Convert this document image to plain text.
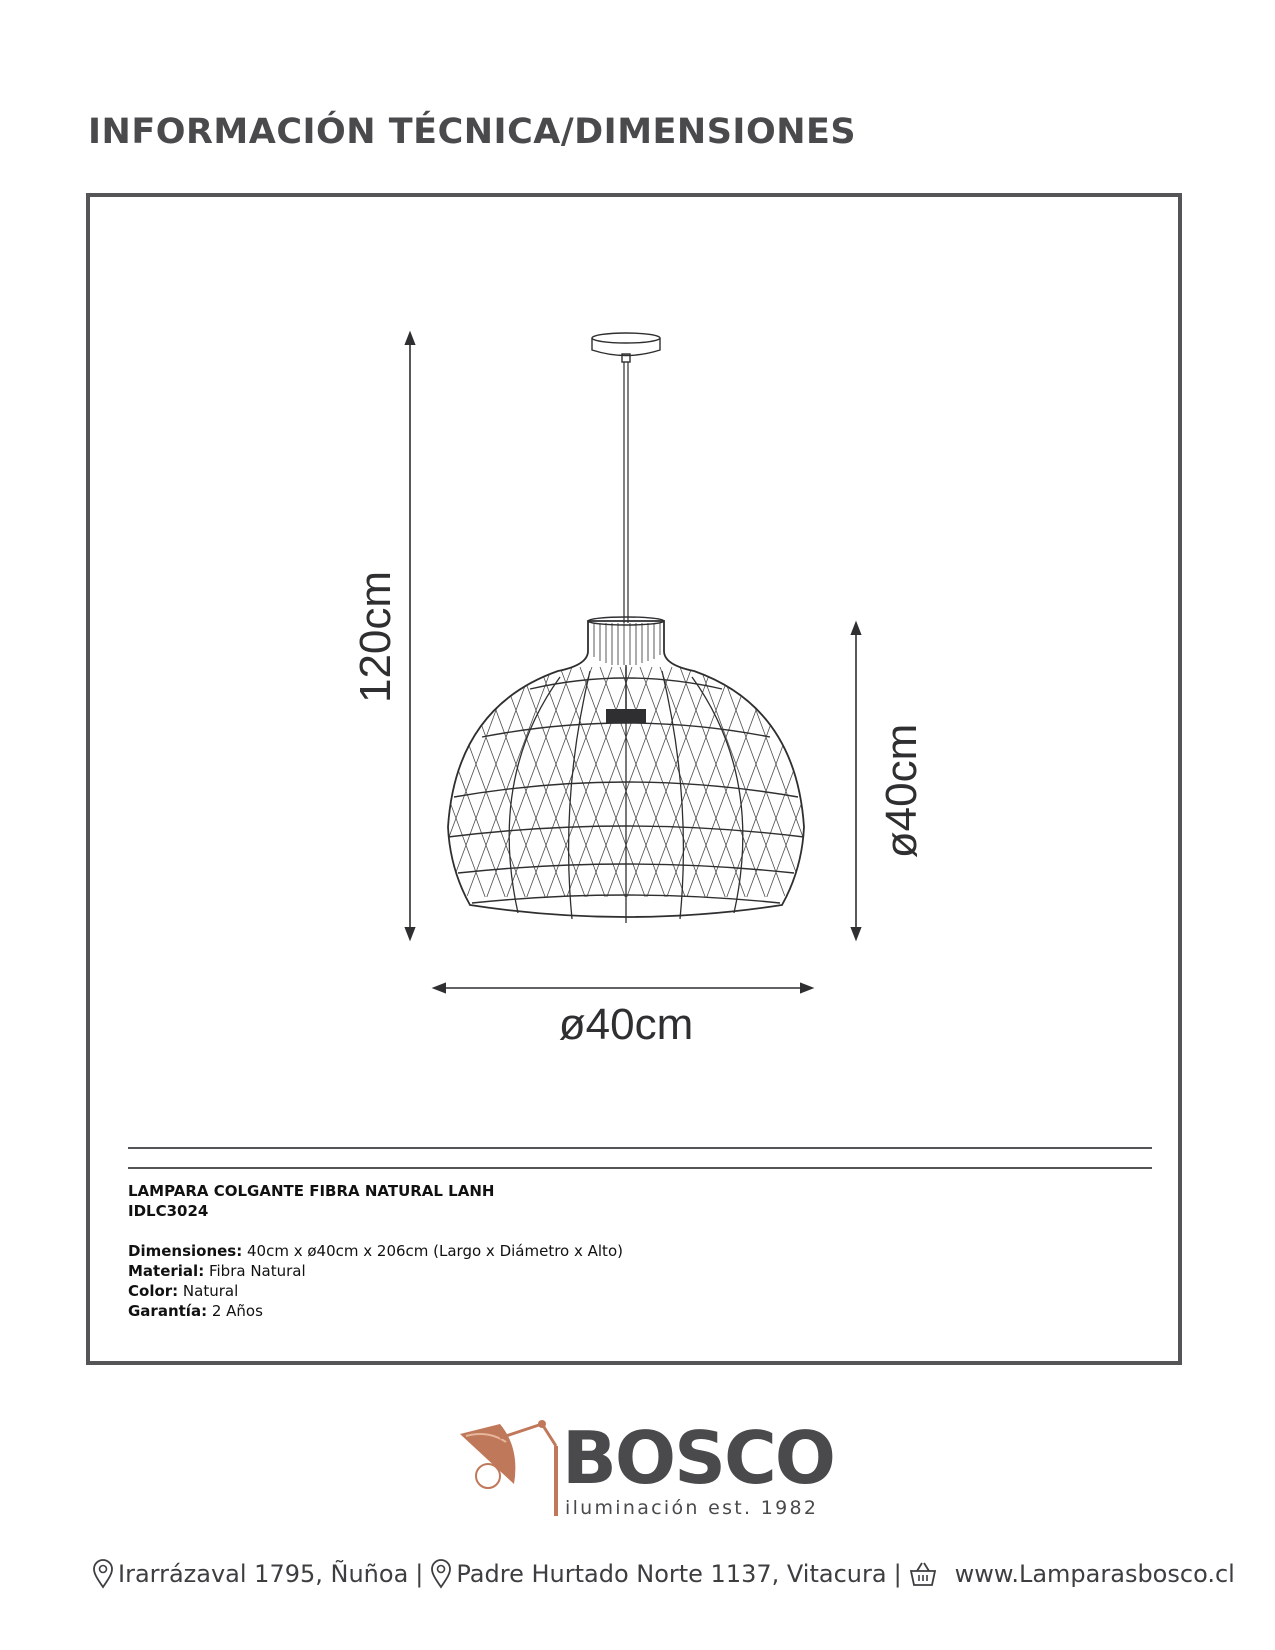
INFORMACIÓN TÉCNICA/DIMENSIONES
120cm
ø40cm
ø40cm
LAMPARA COLGANTE FIBRA NATURAL LANH
IDLC3024
Dimensiones: 40cm x ø40cm x 206cm (Largo x Diámetro x Alto)
Material: Fibra Natural
Color: Natural
Garantía: 2 Años
BOSCO
iluminación est. 1982
Irarrázaval 1795, Ñuñoa | Padre Hurtado Norte 1137, Vitacura | www.Lamparasbosco.cl
